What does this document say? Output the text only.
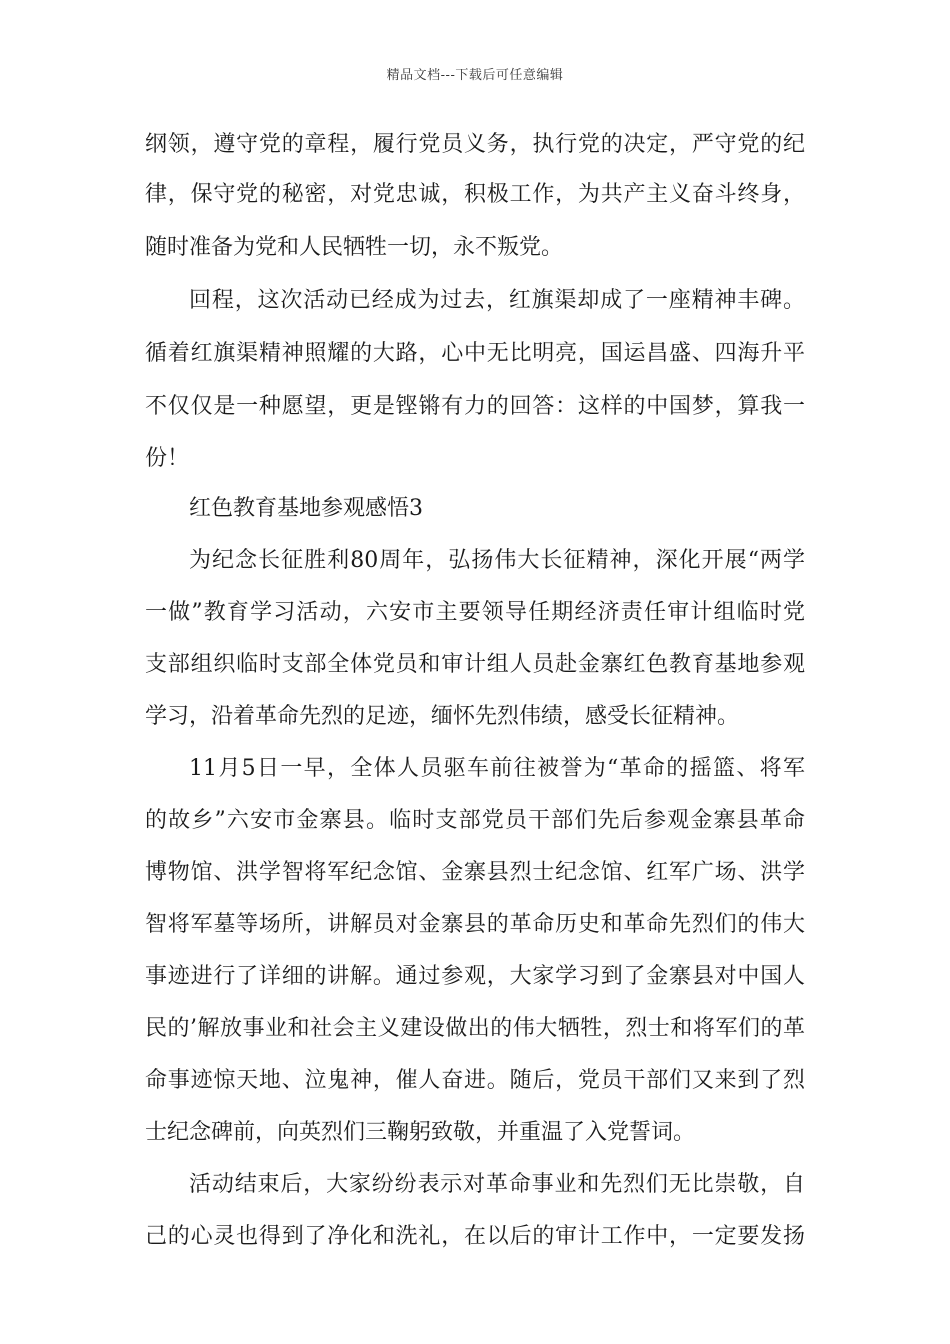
精品文档---下载后可任意编辑
纲领，遵守党的章程，履行党员义务，执行党的决定，严守党的纪
律，保守党的秘密，对党忠诚，积极工作，为共产主义奋斗终身，
随时准备为党和人民牺牲一切，永不叛党。
回程，这次活动已经成为过去，红旗渠却成了一座精神丰碑。
循着红旗渠精神照耀的大路，心中无比明亮，国运昌盛、四海升平
不仅仅是一种愿望，更是铿锵有力的回答：这样的中国梦，算我一
份！
红色教育基地参观感悟3
为纪念长征胜利80周年，弘扬伟大长征精神，深化开展“两学
一做”教育学习活动，六安市主要领导任期经济责任审计组临时党
支部组织临时支部全体党员和审计组人员赴金寨红色教育基地参观
学习，沿着革命先烈的足迹，缅怀先烈伟绩，感受长征精神。
11月5日一早，全体人员驱车前往被誉为“革命的摇篮、将军
的故乡”六安市金寨县。临时支部党员干部们先后参观金寨县革命
博物馆、洪学智将军纪念馆、金寨县烈士纪念馆、红军广场、洪学
智将军墓等场所，讲解员对金寨县的革命历史和革命先烈们的伟大
事迹进行了详细的讲解。通过参观，大家学习到了金寨县对中国人
民的’解放事业和社会主义建设做出的伟大牺牲，烈士和将军们的革
命事迹惊天地、泣鬼神，催人奋进。随后，党员干部们又来到了烈
士纪念碑前，向英烈们三鞠躬致敬，并重温了入党誓词。
活动结束后，大家纷纷表示对革命事业和先烈们无比崇敬，自
己的心灵也得到了净化和洗礼，在以后的审计工作中，一定要发扬
